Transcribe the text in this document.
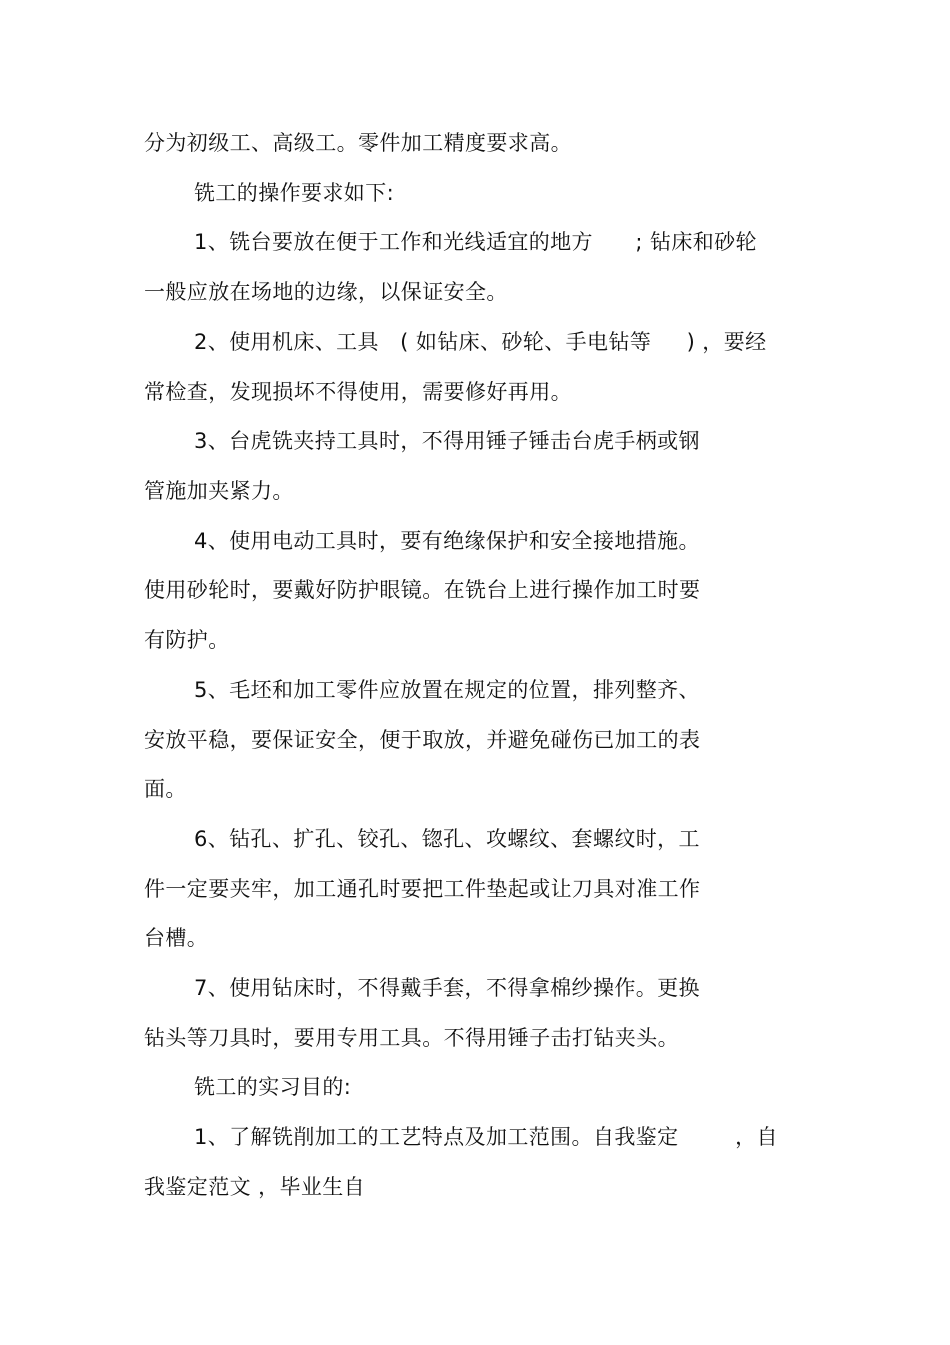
分为初级工、高级工。零件加工精度要求高。
铣工的操作要求如下:
1、铣台要放在便于工作和光线适宜的地方      ; 钻床和砂轮
一般应放在场地的边缘，以保证安全。
2、使用机床、工具   ( 如钻床、砂轮、手电钻等     ) ，要经
常检查，发现损坏不得使用，需要修好再用。
3、台虎铣夹持工具时，不得用锤子锤击台虎手柄或钢
管施加夹紧力。
4、使用电动工具时，要有绝缘保护和安全接地措施。
使用砂轮时，要戴好防护眼镜。在铣台上进行操作加工时要
有防护。
5、毛坯和加工零件应放置在规定的位置，排列整齐、
安放平稳，要保证安全，便于取放，并避免碰伤已加工的表
面。
6、钻孔、扩孔、铰孔、锪孔、攻螺纹、套螺纹时，工
件一定要夹牢，加工通孔时要把工件垫起或让刀具对准工作
台槽。
7、使用钻床时，不得戴手套，不得拿棉纱操作。更换
钻头等刀具时，要用专用工具。不得用锤子击打钻夹头。
铣工的实习目的:
1、了解铣削加工的工艺特点及加工范围。自我鉴定        ，自
我鉴定范文 ，毕业生自
